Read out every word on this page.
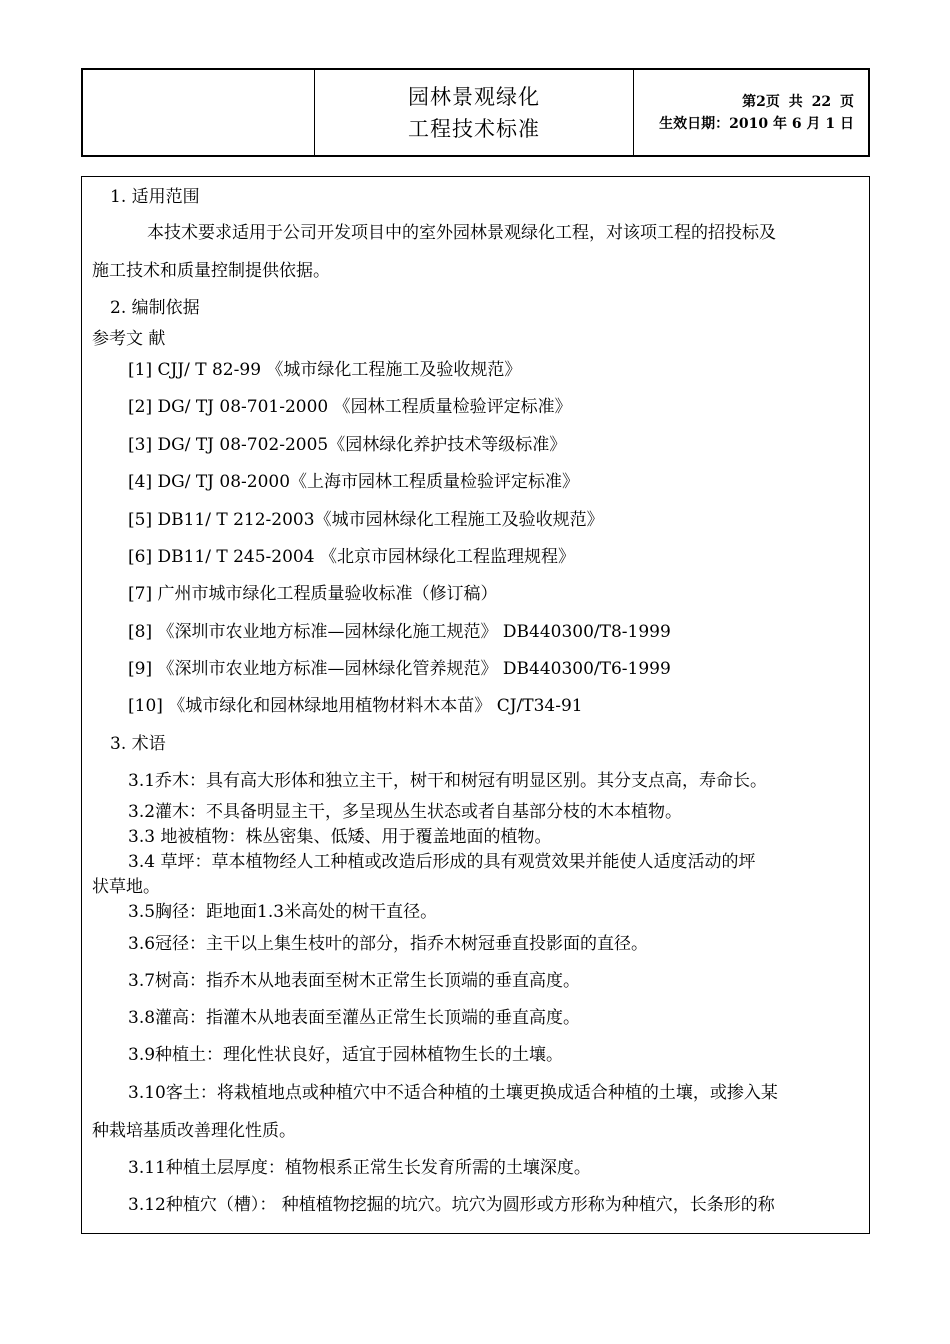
园林景观绿化
工程技术标准
第2页 共 22 页
生效日期：2010 年 6 月 1 日
1. 适用范围
本技术要求适用于公司开发项目中的室外园林景观绿化工程，对该项工程的招投标及
施工技术和质量控制提供依据。
2. 编制依据
参考文 献
[1] CJJ/ T 82-99 《城市绿化工程施工及验收规范》
[2] DG/ TJ 08-701-2000 《园林工程质量检验评定标准》
[3] DG/ TJ 08-702-2005《园林绿化养护技术等级标准》
[4] DG/ TJ 08-2000《上海市园林工程质量检验评定标准》
[5] DB11/ T 212-2003《城市园林绿化工程施工及验收规范》
[6] DB11/ T 245-2004 《北京市园林绿化工程监理规程》
[7] 广州市城市绿化工程质量验收标准（修订稿）
[8] 《深圳市农业地方标准—园林绿化施工规范》 DB440300/T8-1999
[9] 《深圳市农业地方标准—园林绿化管养规范》 DB440300/T6-1999
[10] 《城市绿化和园林绿地用植物材料木本苗》 CJ/T34-91
3. 术语
3.1乔木：具有高大形体和独立主干，树干和树冠有明显区别。其分支点高，寿命长。
3.2灌木：不具备明显主干，多呈现丛生状态或者自基部分枝的木本植物。
3.3 地被植物：株丛密集、低矮、用于覆盖地面的植物。
3.4 草坪：草本植物经人工种植或改造后形成的具有观赏效果并能使人适度活动的坪
状草地。
3.5胸径：距地面1.3米高处的树干直径。
3.6冠径：主干以上集生枝叶的部分，指乔木树冠垂直投影面的直径。
3.7树高：指乔木从地表面至树木正常生长顶端的垂直高度。
3.8灌高：指灌木从地表面至灌丛正常生长顶端的垂直高度。
3.9种植土：理化性状良好，适宜于园林植物生长的土壤。
3.10客土：将栽植地点或种植穴中不适合种植的土壤更换成适合种植的土壤，或掺入某
种栽培基质改善理化性质。
3.11种植土层厚度：植物根系正常生长发育所需的土壤深度。
3.12种植穴（槽）： 种植植物挖掘的坑穴。坑穴为圆形或方形称为种植穴，长条形的称
